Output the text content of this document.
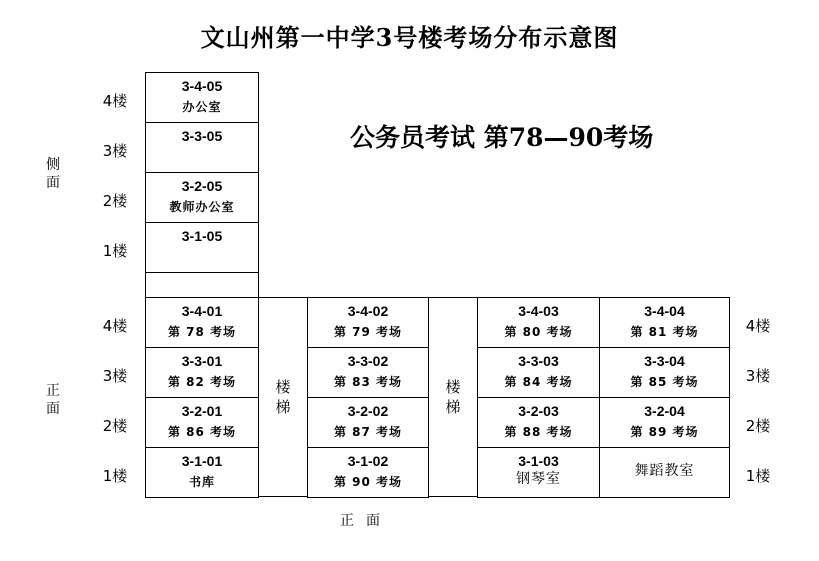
文山州第一中学3号楼考场分布示意图
公务员考试 第78—90考场
4楼
3楼
2楼
1楼
侧
面
3-4-05
办公室
3-3-05
3-2-05
教师办公室
3-1-05
4楼
3楼
2楼
1楼
4楼
3楼
2楼
1楼
正
面
楼
梯
楼
梯
3-4-01
第 78 考场
3-4-02
第 79 考场
3-4-03
第 80 考场
3-4-04
第 81 考场
3-3-01
第 82 考场
3-3-02
第 83 考场
3-3-03
第 84 考场
3-3-04
第 85 考场
3-2-01
第 86 考场
3-2-02
第 87 考场
3-2-03
第 88 考场
3-2-04
第 89 考场
3-1-01
书库
3-1-02
第 90 考场
3-1-03
钢琴室	舞蹈教室
正面
